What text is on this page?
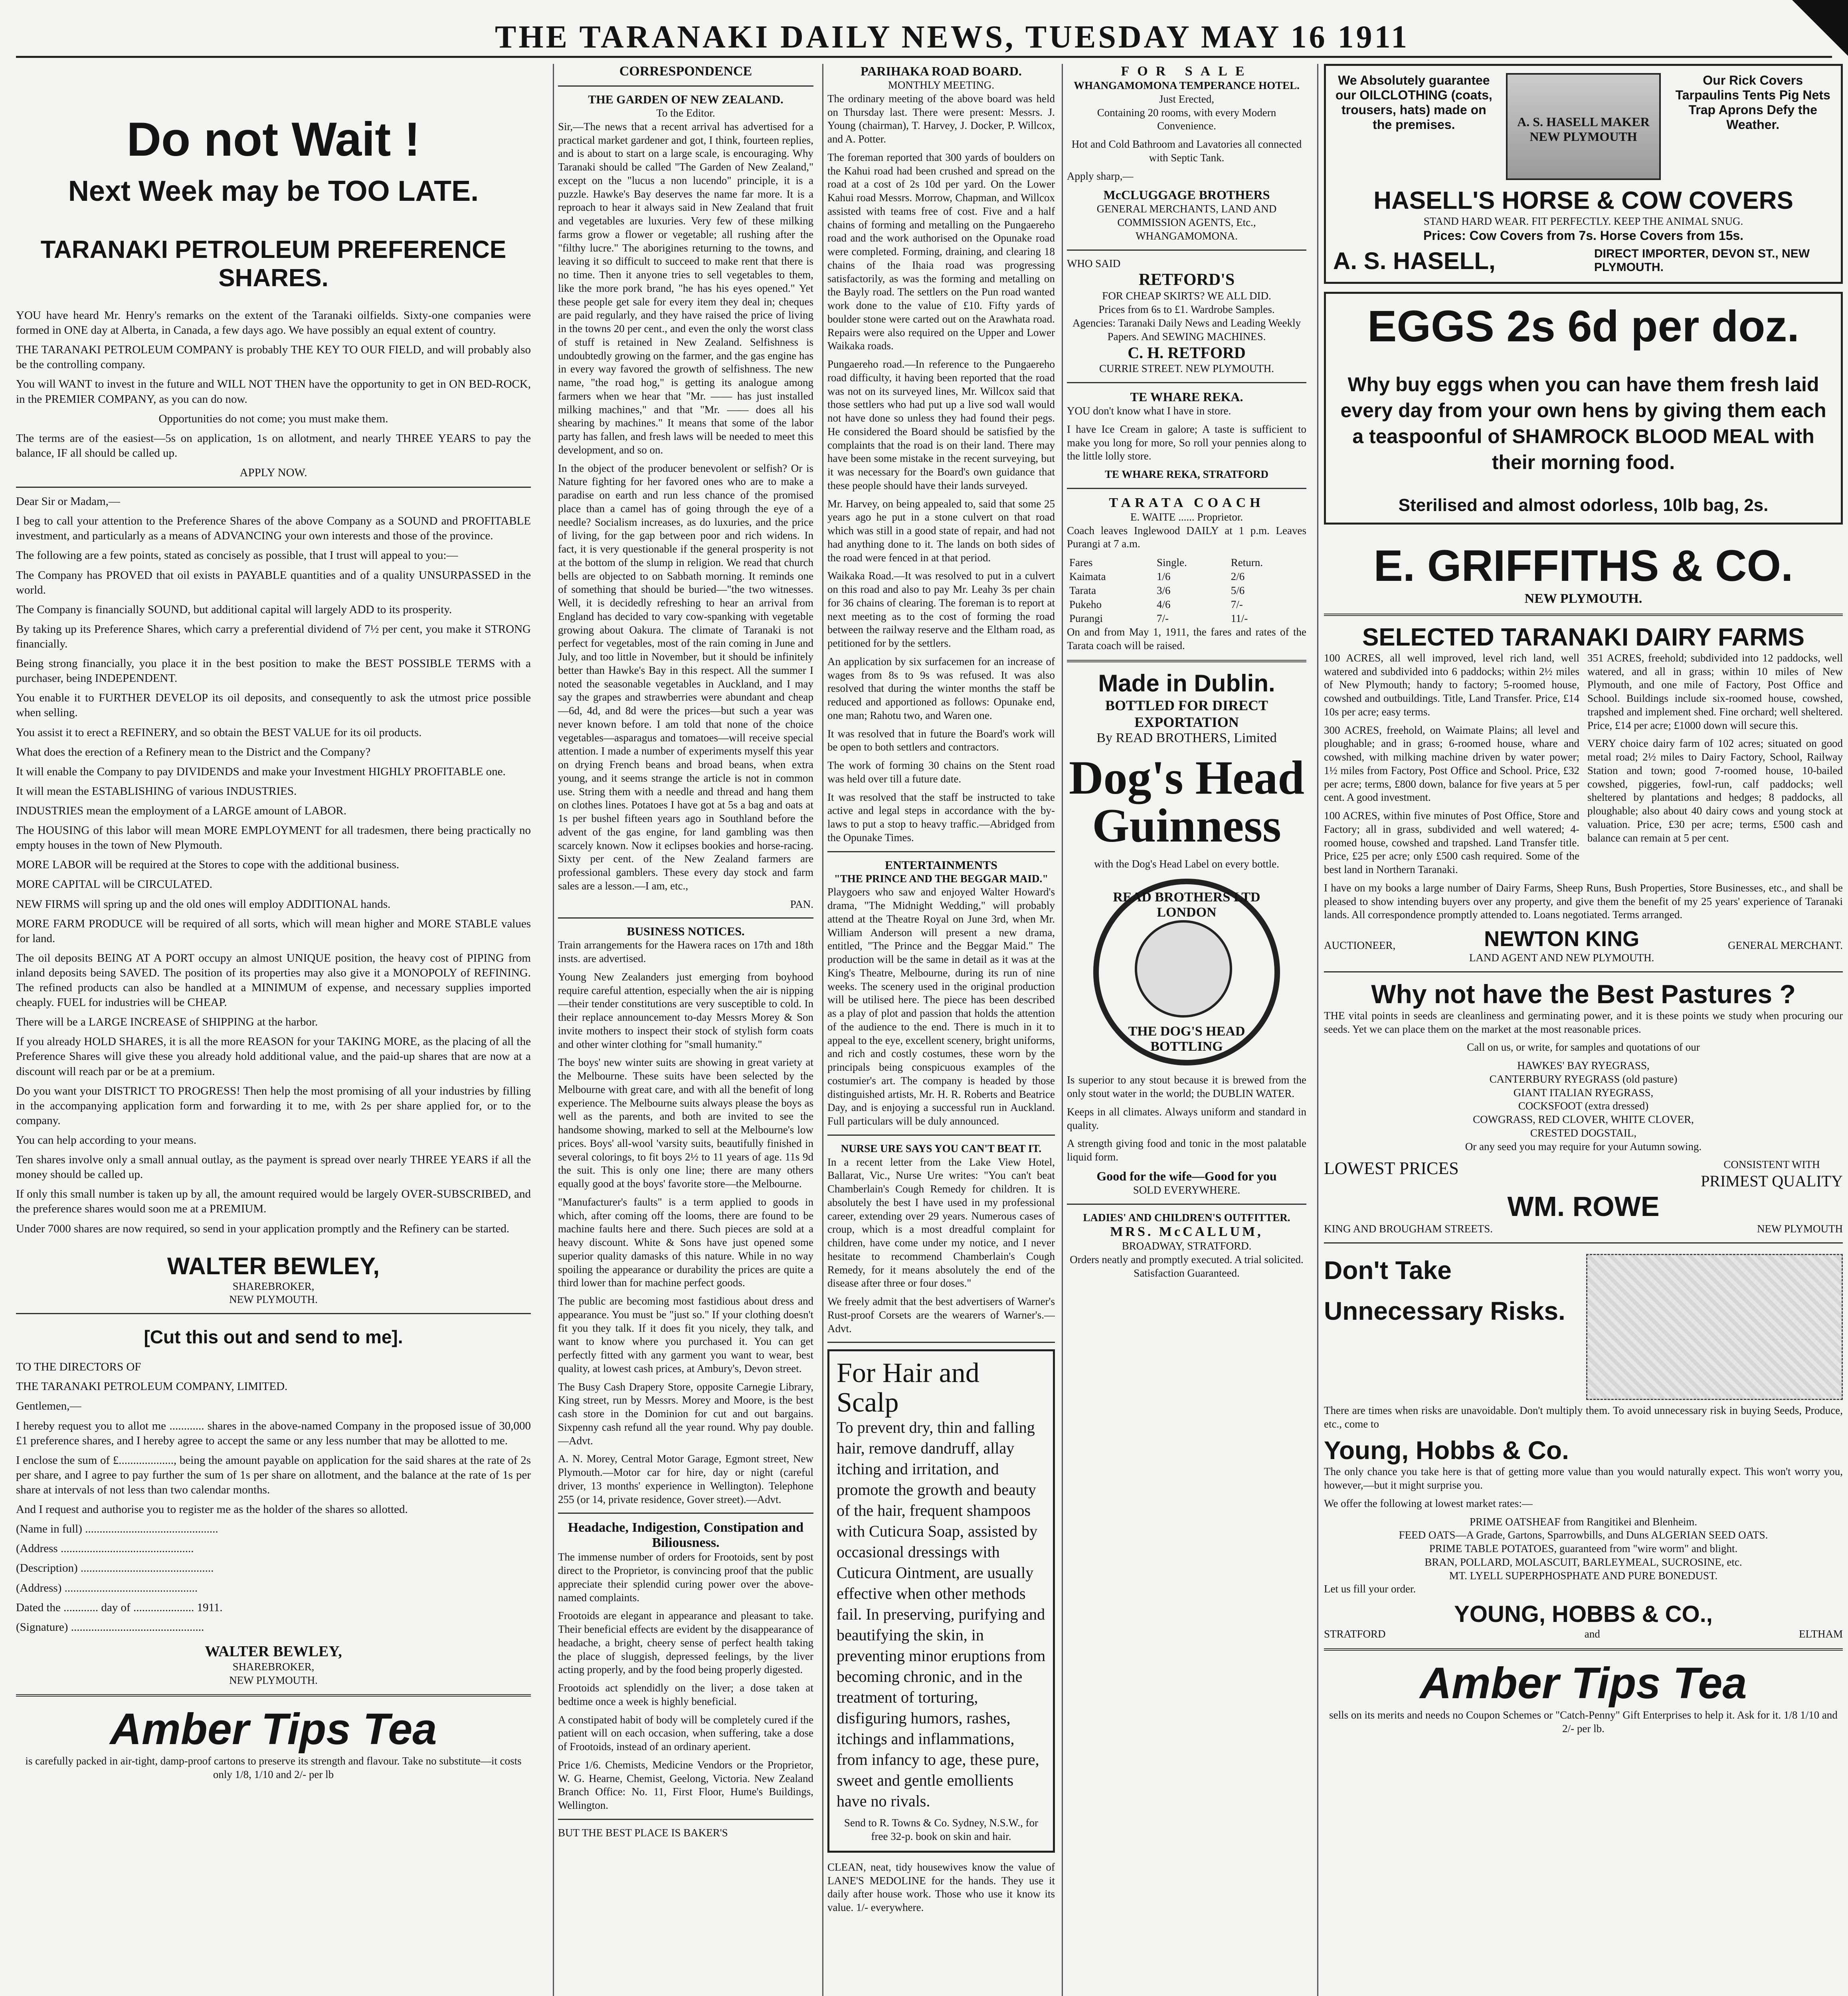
THE TARANAKI DAILY NEWS, TUESDAY MAY 16 1911
Do not Wait !
Next Week may be TOO LATE.
TARANAKI PETROLEUM PREFERENCE SHARES.

YOU have heard Mr. Henry's remarks on the extent of the Taranaki oilfields. Sixty-one companies were formed in ONE day at Alberta, in Canada, a few days ago. We have possibly an equal extent of country.

THE TARANAKI PETROLEUM COMPANY is probably THE KEY TO OUR FIELD, and will probably also be the controlling company.

You will WANT to invest in the future and WILL NOT THEN have the opportunity to get in ON BED-ROCK, in the PREMIER COMPANY, as you can do now.

Opportunities do not come; you must make them.

The terms are of the easiest—5s on application, 1s on allotment, and nearly THREE YEARS to pay the balance, IF all should be called up.

APPLY NOW.

Dear Sir or Madam,—

I beg to call your attention to the Preference Shares of the above Company as a SOUND and PROFITABLE investment, and particularly as a means of ADVANCING your own interests and those of the province.

The following are a few points, stated as concisely as possible, that I trust will appeal to you:—

The Company has PROVED that oil exists in PAYABLE quantities and of a quality UNSURPASSED in the world.

The Company is financially SOUND, but additional capital will largely ADD to its prosperity.

By taking up its Preference Shares, which carry a preferential dividend of 7½ per cent, you make it STRONG financially.

Being strong financially, you place it in the best position to make the BEST POSSIBLE TERMS with a purchaser, being INDEPENDENT.

You enable it to FURTHER DEVELOP its oil deposits, and consequently to ask the utmost price possible when selling.

You assist it to erect a REFINERY, and so obtain the BEST VALUE for its oil products.

What does the erection of a Refinery mean to the District and the Company?

It will enable the Company to pay DIVIDENDS and make your Investment HIGHLY PROFITABLE one.

It will mean the ESTABLISHING of various INDUSTRIES.

INDUSTRIES mean the employment of a LARGE amount of LABOR.

The HOUSING of this labor will mean MORE EMPLOYMENT for all tradesmen, there being practically no empty houses in the town of New Plymouth.

MORE LABOR will be required at the Stores to cope with the additional business.

MORE CAPITAL will be CIRCULATED.

NEW FIRMS will spring up and the old ones will employ ADDITIONAL hands.

MORE FARM PRODUCE will be required of all sorts, which will mean higher and MORE STABLE values for land.

The oil deposits BEING AT A PORT occupy an almost UNIQUE position, the heavy cost of PIPING from inland deposits being SAVED. The position of its properties may also give it a MONOPOLY of REFINING. The refined products can also be handled at a MINIMUM of expense, and necessary supplies imported cheaply. FUEL for industries will be CHEAP.

There will be a LARGE INCREASE of SHIPPING at the harbor.

If you already HOLD SHARES, it is all the more REASON for your TAKING MORE, as the placing of all the Preference Shares will give these you already hold additional value, and the paid-up shares that are now at a discount will reach par or be at a premium.

Do you want your DISTRICT TO PROGRESS! Then help the most promising of all your industries by filling in the accompanying application form and forwarding it to me, with 2s per share applied for, or to the company.

You can help according to your means.

Ten shares involve only a small annual outlay, as the payment is spread over nearly THREE YEARS if all the money should be called up.

If only this small number is taken up by all, the amount required would be largely OVER-SUBSCRIBED, and the preference shares would soon me at a PREMIUM.

Under 7000 shares are now required, so send in your application promptly and the Refinery can be started.

WALTER BEWLEY,
SHAREBROKER,
NEW PLYMOUTH.
[Cut this out and send to me].

TO THE DIRECTORS OF

THE TARANAKI PETROLEUM COMPANY, LIMITED.

Gentlemen,—

I hereby request you to allot me ............ shares in the above-named Company in the proposed issue of 30,000 £1 preference shares, and I hereby agree to accept the same or any less number that may be allotted to me.

I enclose the sum of £..................., being the amount payable on application for the said shares at the rate of 2s per share, and I agree to pay further the sum of 1s per share on allotment, and the balance at the rate of 1s per share at intervals of not less than two calendar months.

And I request and authorise you to register me as the holder of the shares so allotted.

(Name in full) ..............................................

(Address ..............................................

(Description) ..............................................

(Address) ..............................................

Dated the ............ day of ..................... 1911.

(Signature) ..............................................

WALTER BEWLEY,
SHAREBROKER,
NEW PLYMOUTH.
Amber Tips Tea
is carefully packed in air-tight, damp-proof cartons to preserve its strength and flavour. Take no substitute—it costs only 1/8, 1/10 and 2/- per lb
CORRESPONDENCE
THE GARDEN OF NEW ZEALAND.
To the Editor.

Sir,—The news that a recent arrival has advertised for a practical market gardener and got, I think, fourteen replies, and is about to start on a large scale, is encouraging. Why Taranaki should be called "The Garden of New Zealand," except on the "lucus a non lucendo" principle, it is a puzzle. Hawke's Bay deserves the name far more. It is a reproach to hear it always said in New Zealand that fruit and vegetables are luxuries. Very few of these milking farms grow a flower or vegetable; all rushing after the "filthy lucre." The aborigines returning to the towns, and leaving it so difficult to succeed to make rent that there is no time. Then it anyone tries to sell vegetables to them, like the more pork brand, "he has his eyes opened." Yet these people get sale for every item they deal in; cheques are paid regularly, and they have raised the price of living in the towns 20 per cent., and even the only the worst class of stuff is retained in New Zealand. Selfishness is undoubtedly growing on the farmer, and the gas engine has in every way favored the growth of selfishness. The new name, "the road hog," is getting its analogue among farmers when we hear that "Mr. —— has just installed milking machines," and that "Mr. —— does all his shearing by machines." It means that some of the labor party has fallen, and fresh laws will be needed to meet this development, and so on.

In the object of the producer benevolent or selfish? Or is Nature fighting for her favored ones who are to make a paradise on earth and run less chance of the promised place than a camel has of going through the eye of a needle? Socialism increases, as do luxuries, and the price of living, for the gap between poor and rich widens. In fact, it is very questionable if the general prosperity is not at the bottom of the slump in religion. We read that church bells are objected to on Sabbath morning. It reminds one of something that should be buried—"the two witnesses. Well, it is decidedly refreshing to hear an arrival from England has decided to vary cow-spanking with vegetable growing about Oakura. The climate of Taranaki is not perfect for vegetables, most of the rain coming in June and July, and too little in November, but it should be infinitely better than Hawke's Bay in this respect. All the summer I noted the seasonable vegetables in Auckland, and I may say the grapes and strawberries were abundant and cheap—6d, 4d, and 8d were the prices—but such a year was never known before. I am told that none of the choice vegetables—asparagus and tomatoes—will receive special attention. I made a number of experiments myself this year on drying French beans and broad beans, when extra young, and it seems strange the article is not in common use. String them with a needle and thread and hang them on clothes lines. Potatoes I have got at 5s a bag and oats at 1s per bushel fifteen years ago in Southland before the advent of the gas engine, for land gambling was then scarcely known. Now it eclipses bookies and horse-racing. Sixty per cent. of the New Zealand farmers are professional gamblers. These every day stock and farm sales are a lesson.—I am, etc.,

PAN.
BUSINESS NOTICES.

Train arrangements for the Hawera races on 17th and 18th insts. are advertised.

Young New Zealanders just emerging from boyhood require careful attention, especially when the air is nipping—their tender constitutions are very susceptible to cold. In their replace announcement to-day Messrs Morey & Son invite mothers to inspect their stock of stylish form coats and other winter clothing for "small humanity."

The boys' new winter suits are showing in great variety at the Melbourne. These suits have been selected by the Melbourne with great care, and with all the benefit of long experience. The Melbourne suits always please the boys as well as the parents, and both are invited to see the handsome showing, marked to sell at the Melbourne's low prices. Boys' all-wool 'varsity suits, beautifully finished in several colorings, to fit boys 2½ to 11 years of age. 11s 9d the suit. This is only one line; there are many others equally good at the boys' favorite store—the Melbourne.

"Manufacturer's faults" is a term applied to goods in which, after coming off the looms, there are found to be machine faults here and there. Such pieces are sold at a heavy discount. White & Sons have just opened some superior quality damasks of this nature. While in no way spoiling the appearance or durability the prices are quite a third lower than for machine perfect goods.

The public are becoming most fastidious about dress and appearance. You must be "just so." If your clothing doesn't fit you they talk. If it does fit you nicely, they talk, and want to know where you purchased it. You can get perfectly fitted with any garment you want to wear, best quality, at lowest cash prices, at Ambury's, Devon street.

The Busy Cash Drapery Store, opposite Carnegie Library, King street, run by Messrs. Morey and Moore, is the best cash store in the Dominion for cut and out bargains. Sixpenny cash refund all the year round. Why pay double.—Advt.

A. N. Morey, Central Motor Garage, Egmont street, New Plymouth.—Motor car for hire, day or night (careful driver, 13 months' experience in Wellington). Telephone 255 (or 14, private residence, Gover street).—Advt.

Headache, Indigestion, Constipation and Biliousness.

The immense number of orders for Frootoids, sent by post direct to the Proprietor, is convincing proof that the public appreciate their splendid curing power over the above-named complaints.

Frootoids are elegant in appearance and pleasant to take. Their beneficial effects are evident by the disappearance of headache, a bright, cheery sense of perfect health taking the place of sluggish, depressed feelings, by the liver acting properly, and by the food being properly digested.

Frootoids act splendidly on the liver; a dose taken at bedtime once a week is highly beneficial.

A constipated habit of body will be completely cured if the patient will on each occasion, when suffering, take a dose of Frootoids, instead of an ordinary aperient.

Price 1/6. Chemists, Medicine Vendors or the Proprietor, W. G. Hearne, Chemist, Geelong, Victoria. New Zealand Branch Office: No. 11, First Floor, Hume's Buildings, Wellington.

BUT THE BEST PLACE IS BAKER'S
PARIHAKA ROAD BOARD.
MONTHLY MEETING.

The ordinary meeting of the above board was held on Thursday last. There were present: Messrs. J. Young (chairman), T. Harvey, J. Docker, P. Willcox, and A. Potter.

The foreman reported that 300 yards of boulders on the Kahui road had been crushed and spread on the road at a cost of 2s 10d per yard. On the Lower Kahui road Messrs. Morrow, Chapman, and Willcox assisted with teams free of cost. Five and a half chains of forming and metalling on the Pungaereho road and the work authorised on the Opunake road were completed. Forming, draining, and clearing 18 chains of the Ihaia road was progressing satisfactorily, as was the forming and metalling on the Bayly road. The settlers on the Pun road wanted work done to the value of £10. Fifty yards of boulder stone were carted out on the Arawhata road. Repairs were also required on the Upper and Lower Waikaka roads.

Pungaereho road.—In reference to the Pungaereho road difficulty, it having been reported that the road was not on its surveyed lines, Mr. Willcox said that those settlers who had put up a live sod wall would not have done so unless they had found their pegs. He considered the Board should be satisfied by the complaints that the road is on their land. There may have been some mistake in the recent surveying, but it was necessary for the Board's own guidance that these people should have their lands surveyed.

Mr. Harvey, on being appealed to, said that some 25 years ago he put in a stone culvert on that road which was still in a good state of repair, and had not had anything done to it. The lands on both sides of the road were fenced in at that period.

Waikaka Road.—It was resolved to put in a culvert on this road and also to pay Mr. Leahy 3s per chain for 36 chains of clearing. The foreman is to report at next meeting as to the cost of forming the road between the railway reserve and the Eltham road, as petitioned for by the settlers.

An application by six surfacemen for an increase of wages from 8s to 9s was refused. It was also resolved that during the winter months the staff be reduced and apportioned as follows: Opunake end, one man; Rahotu two, and Waren one.

It was resolved that in future the Board's work will be open to both settlers and contractors.

The work of forming 30 chains on the Stent road was held over till a future date.

It was resolved that the staff be instructed to take active and legal steps in accordance with the by-laws to put a stop to heavy traffic.—Abridged from the Opunake Times.

ENTERTAINMENTS
"THE PRINCE AND THE BEGGAR MAID."

Playgoers who saw and enjoyed Walter Howard's drama, "The Midnight Wedding," will probably attend at the Theatre Royal on June 3rd, when Mr. William Anderson will present a new drama, entitled, "The Prince and the Beggar Maid." The production will be the same in detail as it was at the King's Theatre, Melbourne, during its run of nine weeks. The scenery used in the original production will be utilised here. The piece has been described as a play of plot and passion that holds the attention of the audience to the end. There is much in it to appeal to the eye, excellent scenery, bright uniforms, and rich and costly costumes, these worn by the principals being conspicuous examples of the costumier's art. The company is headed by those distinguished artists, Mr. H. R. Roberts and Beatrice Day, and is enjoying a successful run in Auckland. Full particulars will be duly announced.

NURSE URE SAYS YOU CAN'T BEAT IT.

In a recent letter from the Lake View Hotel, Ballarat, Vic., Nurse Ure writes: "You can't beat Chamberlain's Cough Remedy for children. It is absolutely the best I have used in my professional career, extending over 29 years. Numerous cases of croup, which is a most dreadful complaint for children, have come under my notice, and I never hesitate to recommend Chamberlain's Cough Remedy, for it means absolutely the end of the disease after three or four doses."

We freely admit that the best advertisers of Warner's Rust-proof Corsets are the wearers of Warner's.—Advt.

For Hair and Scalp

To prevent dry, thin and falling hair, remove dandruff, allay itching and irritation, and promote the growth and beauty of the hair, frequent shampoos with Cuticura Soap, assisted by occasional dressings with Cuticura Ointment, are usually effective when other methods fail. In preserving, purifying and beautifying the skin, in preventing minor eruptions from becoming chronic, and in the treatment of torturing, disfiguring humors, rashes, itchings and inflammations, from infancy to age, these pure, sweet and gentle emollients have no rivals.

Send to R. Towns & Co. Sydney, N.S.W., for free 32-p. book on skin and hair.

CLEAN, neat, tidy housewives know the value of LANE'S MEDOLINE for the hands. They use it daily after house work. Those who use it know its value. 1/- everywhere.

FOR SALE
WHANGAMOMONA TEMPERANCE HOTEL.
Just Erected,

Containing 20 rooms, with every Modern Convenience.

Hot and Cold Bathroom and Lavatories all connected with Septic Tank.

Apply sharp,—

McCLUGGAGE BROTHERS
GENERAL MERCHANTS, LAND AND COMMISSION AGENTS, Etc.,
WHANGAMOMONA.
WHO SAID
RETFORD'S
FOR CHEAP SKIRTS? WE ALL DID.
Prices from 6s to £1. Wardrobe Samples.
Agencies: Taranaki Daily News and Leading Weekly Papers. And SEWING MACHINES.
C. H. RETFORD
CURRIE STREET. NEW PLYMOUTH.
TE WHARE REKA.

YOU don't know what I have in store.

I have Ice Cream in galore; A taste is sufficient to make you long for more, So roll your pennies along to the little lolly store.

TE WHARE REKA, STRATFORD
TARATA COACH
E. WAITE ...... Proprietor.

Coach leaves Inglewood DAILY at 1 p.m. Leaves Purangi at 7 a.m.

Fares	Single.	Return.
Kaimata	1/6	2/6
Tarata	3/6	5/6
Pukeho	4/6	7/-
Purangi	7/-	11/-

On and from May 1, 1911, the fares and rates of the Tarata coach will be raised.

Made in Dublin.
BOTTLED FOR DIRECT EXPORTATION
By READ BROTHERS, Limited
Dog's Head Guinness
with the Dog's Head Label on every bottle.
READ BROTHERS LTD LONDON
THE DOG'S HEAD BOTTLING

Is superior to any stout because it is brewed from the only stout water in the world; the DUBLIN WATER.

Keeps in all climates. Always uniform and standard in quality.

A strength giving food and tonic in the most palatable liquid form.

Good for the wife—Good for you
SOLD EVERYWHERE.
LADIES' AND CHILDREN'S OUTFITTER.
MRS. McCALLUM,
BROADWAY, STRATFORD.

Orders neatly and promptly executed. A trial solicited. Satisfaction Guaranteed.

We Absolutely guarantee our OILCLOTHING (coats, trousers, hats) made on the premises.	A. S. HASELL MAKER NEW PLYMOUTH
Our Rick Covers Tarpaulins Tents Pig Nets Trap Aprons Defy the Weather.
HASELL'S HORSE & COW COVERS
STAND HARD WEAR. FIT PERFECTLY. KEEP THE ANIMAL SNUG.
Prices: Cow Covers from 7s. Horse Covers from 15s.
A. S. HASELL,	DIRECT IMPORTER, DEVON ST., NEW PLYMOUTH.
EGGS 2s 6d per doz.

Why buy eggs when you can have them fresh laid every day from your own hens by giving them each a teaspoonful of SHAMROCK BLOOD MEAL with their morning food.

Sterilised and almost odorless, 10lb bag, 2s.
E. GRIFFITHS & CO.
NEW PLYMOUTH.
SELECTED TARANAKI DAIRY FARMS

100 ACRES, all well improved, level rich land, well watered and subdivided into 6 paddocks; within 2½ miles of New Plymouth; handy to factory; 5-roomed house, cowshed and outbuildings. Title, Land Transfer. Price, £14 10s per acre; easy terms.

300 ACRES, freehold, on Waimate Plains; all level and ploughable; and in grass; 6-roomed house, whare and cowshed, with milking machine driven by water power; 1½ miles from Factory, Post Office and School. Price, £32 per acre; terms, £800 down, balance for five years at 5 per cent. A good investment.

100 ACRES, within five minutes of Post Office, Store and Factory; all in grass, subdivided and well watered; 4-roomed house, cowshed and trapshed. Land Transfer title. Price, £25 per acre; only £500 cash required. Some of the best land in Northern Taranaki.

351 ACRES, freehold; subdivided into 12 paddocks, well watered, and all in grass; within 10 miles of New Plymouth, and one mile of Factory, Post Office and School. Buildings include six-roomed house, cowshed, trapshed and implement shed. Fine orchard; well sheltered. Price, £14 per acre; £1000 down will secure this.

VERY choice dairy farm of 102 acres; situated on good metal road; 2½ miles to Dairy Factory, School, Railway Station and town; good 7-roomed house, 10-bailed cowshed, piggeries, fowl-run, calf paddocks; well sheltered by plantations and hedges; 8 paddocks, all ploughable; also about 40 dairy cows and young stock at valuation. Price, £30 per acre; terms, £500 cash and balance can remain at 5 per cent.

I have on my books a large number of Dairy Farms, Sheep Runs, Bush Properties, Store Businesses, etc., and shall be pleased to show intending buyers over any property, and give them the benefit of my 25 years' experience of Taranaki lands. All correspondence promptly attended to. Loans negotiated. Terms arranged.

AUCTIONEER,	NEWTON KING
LAND AGENT AND NEW PLYMOUTH.
GENERAL MERCHANT.
Why not have the Best Pastures ?

THE vital points in seeds are cleanliness and germinating power, and it is these points we study when procuring our seeds. Yet we can place them on the market at the most reasonable prices.

Call on us, or write, for samples and quotations of our

HAWKES' BAY RYEGRASS,
CANTERBURY RYEGRASS (old pasture)
GIANT ITALIAN RYEGRASS,
COCKSFOOT (extra dressed)
COWGRASS, RED CLOVER, WHITE CLOVER,
CRESTED DOGSTAIL,

Or any seed you may require for your Autumn sowing.

LOWEST PRICES	CONSISTENT WITH
PRIMEST QUALITY
WM. ROWE
KING AND BROUGHAM STREETS.	NEW PLYMOUTH
Don't Take Unnecessary Risks.

There are times when risks are unavoidable. Don't multiply them. To avoid unnecessary risk in buying Seeds, Produce, etc., come to

Young, Hobbs & Co.

The only chance you take here is that of getting more value than you would naturally expect. This won't worry you, however,—but it might surprise you.

We offer the following at lowest market rates:—

PRIME OATSHEAF from Rangitikei and Blenheim.
FEED OATS—A Grade, Gartons, Sparrowbills, and Duns ALGERIAN SEED OATS.
PRIME TABLE POTATOES, guaranteed from "wire worm" and blight.
BRAN, POLLARD, MOLASCUIT, BARLEYMEAL, SUCROSINE, etc.
MT. LYELL SUPERPHOSPHATE AND PURE BONEDUST.

Let us fill your order.

YOUNG, HOBBS & CO.,
STRATFORD	and	ELTHAM
Amber Tips Tea
sells on its merits and needs no Coupon Schemes or "Catch-Penny" Gift Enterprises to help it. Ask for it. 1/8 1/10 and 2/- per lb.
